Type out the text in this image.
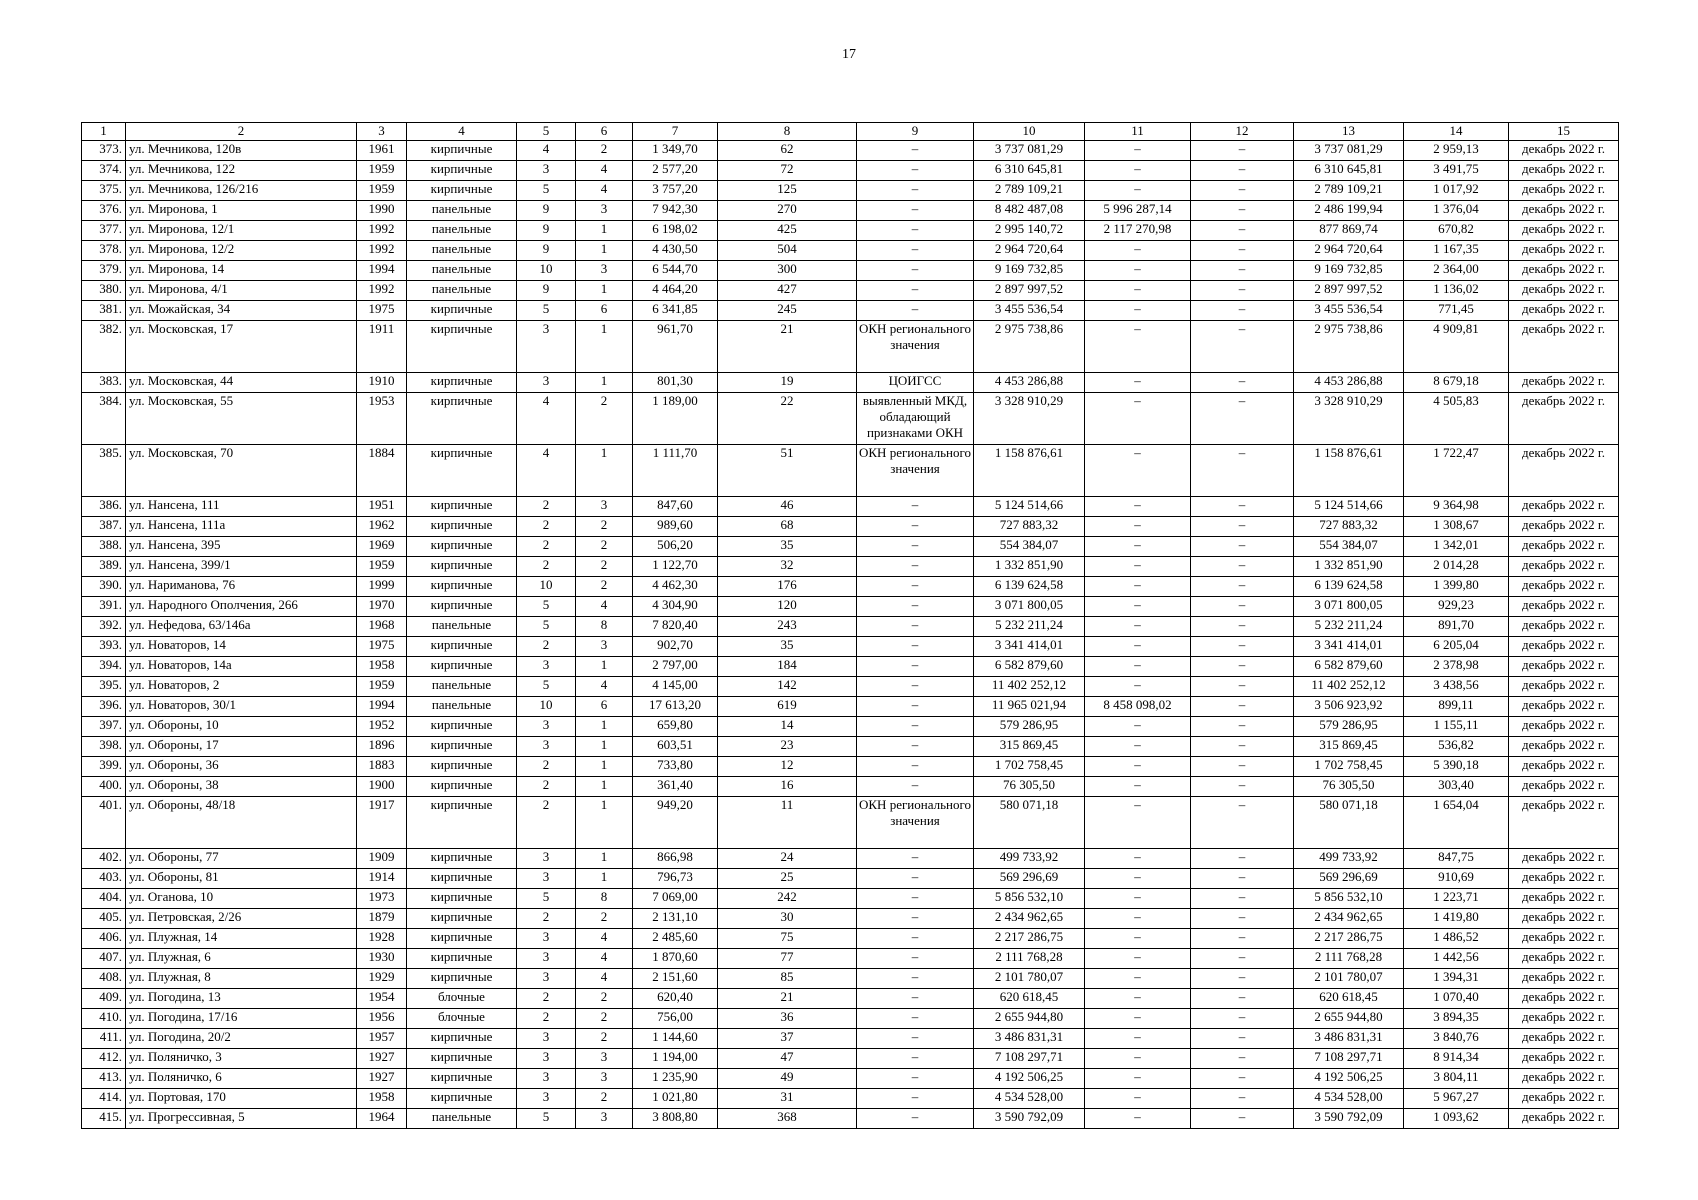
17
1	2	3	4	5	6	7	8	9	10	11	12	13	14	15
373.	ул. Мечникова, 120в	1961	кирпичные	4	2	1 349,70	62	–	3 737 081,29	–	–	3 737 081,29	2 959,13	декабрь 2022 г.
374.	ул. Мечникова, 122	1959	кирпичные	3	4	2 577,20	72	–	6 310 645,81	–	–	6 310 645,81	3 491,75	декабрь 2022 г.
375.	ул. Мечникова, 126/216	1959	кирпичные	5	4	3 757,20	125	–	2 789 109,21	–	–	2 789 109,21	1 017,92	декабрь 2022 г.
376.	ул. Миронова, 1	1990	панельные	9	3	7 942,30	270	–	8 482 487,08	5 996 287,14	–	2 486 199,94	1 376,04	декабрь 2022 г.
377.	ул. Миронова, 12/1	1992	панельные	9	1	6 198,02	425	–	2 995 140,72	2 117 270,98	–	877 869,74	670,82	декабрь 2022 г.
378.	ул. Миронова, 12/2	1992	панельные	9	1	4 430,50	504	–	2 964 720,64	–	–	2 964 720,64	1 167,35	декабрь 2022 г.
379.	ул. Миронова, 14	1994	панельные	10	3	6 544,70	300	–	9 169 732,85	–	–	9 169 732,85	2 364,00	декабрь 2022 г.
380.	ул. Миронова, 4/1	1992	панельные	9	1	4 464,20	427	–	2 897 997,52	–	–	2 897 997,52	1 136,02	декабрь 2022 г.
381.	ул. Можайская, 34	1975	кирпичные	5	6	6 341,85	245	–	3 455 536,54	–	–	3 455 536,54	771,45	декабрь 2022 г.
382.	ул. Московская, 17	1911	кирпичные	3	1	961,70	21	ОКН регионального значения	2 975 738,86	–	–	2 975 738,86	4 909,81	декабрь 2022 г.
383.	ул. Московская, 44	1910	кирпичные	3	1	801,30	19	ЦОИГСС	4 453 286,88	–	–	4 453 286,88	8 679,18	декабрь 2022 г.
384.	ул. Московская, 55	1953	кирпичные	4	2	1 189,00	22	выявленный МКД, обладающий признаками ОКН	3 328 910,29	–	–	3 328 910,29	4 505,83	декабрь 2022 г.
385.	ул. Московская, 70	1884	кирпичные	4	1	1 111,70	51	ОКН регионального значения	1 158 876,61	–	–	1 158 876,61	1 722,47	декабрь 2022 г.
386.	ул. Нансена, 111	1951	кирпичные	2	3	847,60	46	–	5 124 514,66	–	–	5 124 514,66	9 364,98	декабрь 2022 г.
387.	ул. Нансена, 111а	1962	кирпичные	2	2	989,60	68	–	727 883,32	–	–	727 883,32	1 308,67	декабрь 2022 г.
388.	ул. Нансена, 395	1969	кирпичные	2	2	506,20	35	–	554 384,07	–	–	554 384,07	1 342,01	декабрь 2022 г.
389.	ул. Нансена, 399/1	1959	кирпичные	2	2	1 122,70	32	–	1 332 851,90	–	–	1 332 851,90	2 014,28	декабрь 2022 г.
390.	ул. Нариманова, 76	1999	кирпичные	10	2	4 462,30	176	–	6 139 624,58	–	–	6 139 624,58	1 399,80	декабрь 2022 г.
391.	ул. Народного Ополчения, 266	1970	кирпичные	5	4	4 304,90	120	–	3 071 800,05	–	–	3 071 800,05	929,23	декабрь 2022 г.
392.	ул. Нефедова, 63/146а	1968	панельные	5	8	7 820,40	243	–	5 232 211,24	–	–	5 232 211,24	891,70	декабрь 2022 г.
393.	ул. Новаторов, 14	1975	кирпичные	2	3	902,70	35	–	3 341 414,01	–	–	3 341 414,01	6 205,04	декабрь 2022 г.
394.	ул. Новаторов, 14а	1958	кирпичные	3	1	2 797,00	184	–	6 582 879,60	–	–	6 582 879,60	2 378,98	декабрь 2022 г.
395.	ул. Новаторов, 2	1959	панельные	5	4	4 145,00	142	–	11 402 252,12	–	–	11 402 252,12	3 438,56	декабрь 2022 г.
396.	ул. Новаторов, 30/1	1994	панельные	10	6	17 613,20	619	–	11 965 021,94	8 458 098,02	–	3 506 923,92	899,11	декабрь 2022 г.
397.	ул. Обороны, 10	1952	кирпичные	3	1	659,80	14	–	579 286,95	–	–	579 286,95	1 155,11	декабрь 2022 г.
398.	ул. Обороны, 17	1896	кирпичные	3	1	603,51	23	–	315 869,45	–	–	315 869,45	536,82	декабрь 2022 г.
399.	ул. Обороны, 36	1883	кирпичные	2	1	733,80	12	–	1 702 758,45	–	–	1 702 758,45	5 390,18	декабрь 2022 г.
400.	ул. Обороны, 38	1900	кирпичные	2	1	361,40	16	–	76 305,50	–	–	76 305,50	303,40	декабрь 2022 г.
401.	ул. Обороны, 48/18	1917	кирпичные	2	1	949,20	11	ОКН регионального значения	580 071,18	–	–	580 071,18	1 654,04	декабрь 2022 г.
402.	ул. Обороны, 77	1909	кирпичные	3	1	866,98	24	–	499 733,92	–	–	499 733,92	847,75	декабрь 2022 г.
403.	ул. Обороны, 81	1914	кирпичные	3	1	796,73	25	–	569 296,69	–	–	569 296,69	910,69	декабрь 2022 г.
404.	ул. Оганова, 10	1973	кирпичные	5	8	7 069,00	242	–	5 856 532,10	–	–	5 856 532,10	1 223,71	декабрь 2022 г.
405.	ул. Петровская, 2/26	1879	кирпичные	2	2	2 131,10	30	–	2 434 962,65	–	–	2 434 962,65	1 419,80	декабрь 2022 г.
406.	ул. Плужная, 14	1928	кирпичные	3	4	2 485,60	75	–	2 217 286,75	–	–	2 217 286,75	1 486,52	декабрь 2022 г.
407.	ул. Плужная, 6	1930	кирпичные	3	4	1 870,60	77	–	2 111 768,28	–	–	2 111 768,28	1 442,56	декабрь 2022 г.
408.	ул. Плужная, 8	1929	кирпичные	3	4	2 151,60	85	–	2 101 780,07	–	–	2 101 780,07	1 394,31	декабрь 2022 г.
409.	ул. Погодина, 13	1954	блочные	2	2	620,40	21	–	620 618,45	–	–	620 618,45	1 070,40	декабрь 2022 г.
410.	ул. Погодина, 17/16	1956	блочные	2	2	756,00	36	–	2 655 944,80	–	–	2 655 944,80	3 894,35	декабрь 2022 г.
411.	ул. Погодина, 20/2	1957	кирпичные	3	2	1 144,60	37	–	3 486 831,31	–	–	3 486 831,31	3 840,76	декабрь 2022 г.
412.	ул. Поляничко, 3	1927	кирпичные	3	3	1 194,00	47	–	7 108 297,71	–	–	7 108 297,71	8 914,34	декабрь 2022 г.
413.	ул. Поляничко, 6	1927	кирпичные	3	3	1 235,90	49	–	4 192 506,25	–	–	4 192 506,25	3 804,11	декабрь 2022 г.
414.	ул. Портовая, 170	1958	кирпичные	3	2	1 021,80	31	–	4 534 528,00	–	–	4 534 528,00	5 967,27	декабрь 2022 г.
415.	ул. Прогрессивная, 5	1964	панельные	5	3	3 808,80	368	–	3 590 792,09	–	–	3 590 792,09	1 093,62	декабрь 2022 г.
